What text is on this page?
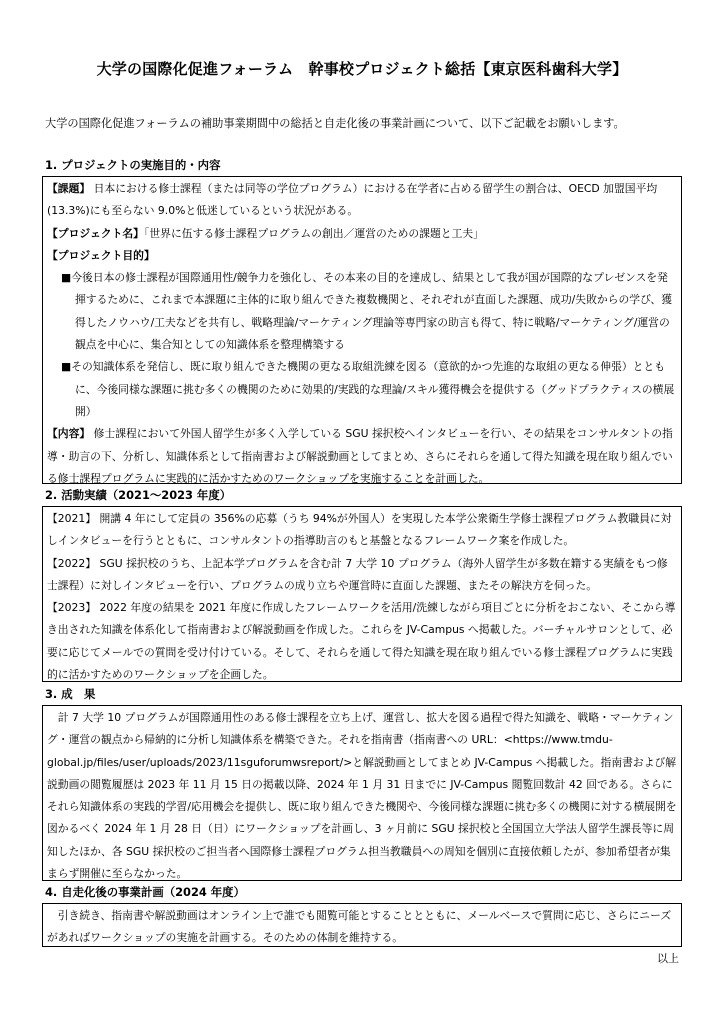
大学の国際化促進フォーラム　幹事校プロジェクト総括【東京医科歯科大学】
大学の国際化促進フォーラムの補助事業期間中の総括と自走化後の事業計画について、以下ご記載をお願いします。
1. プロジェクトの実施目的・内容

【課題】 日本における修士課程（または同等の学位プログラム）における在学者に占める留学生の割合は、OECD 加盟国平均(13.3%)にも至らない 9.0%と低迷しているという状況がある。

【プロジェクト名】「世界に伍する修士課程プログラムの創出／運営のための課題と工夫」

【プロジェクト目的】

■今後日本の修士課程が国際通用性/競争力を強化し、その本来の目的を達成し、結果として我が国が国際的なプレゼンスを発揮するために、これまで本課題に主体的に取り組んできた複数機関と、それぞれが直面した課題、成功/失敗からの学び、獲得したノウハウ/工夫などを共有し、戦略理論/マーケティング理論等専門家の助言も得て、特に戦略/マーケティング/運営の観点を中心に、集合知としての知識体系を整理構築する

■その知識体系を発信し、既に取り組んできた機関の更なる取組洗練を図る（意欲的かつ先進的な取組の更なる伸張）とともに、今後同様な課題に挑む多くの機関のために効果的/実践的な理論/スキル獲得機会を提供する（グッドプラクティスの横展開）

【内容】 修士課程において外国人留学生が多く入学している SGU 採択校へインタビューを行い、その結果をコンサルタントの指導・助言の下、分析し、知識体系として指南書および解説動画としてまとめ、さらにそれらを通して得た知識を現在取り組んでいる修士課程プログラムに実践的に活かすためのワークショップを実施することを計画した。

2. 活動実績（2021～2023 年度）

【2021】 開講 4 年にして定員の 356%の応募（うち 94%が外国人）を実現した本学公衆衛生学修士課程プログラム教職員に対しインタビューを行うとともに、コンサルタントの指導助言のもと基盤となるフレームワーク案を作成した。

【2022】 SGU 採択校のうち、上記本学プログラムを含む計 7 大学 10 プログラム（海外人留学生が多数在籍する実績をもつ修士課程）に対しインタビューを行い、プログラムの成り立ちや運営時に直面した課題、またその解決方を伺った。

【2023】 2022 年度の結果を 2021 年度に作成したフレームワークを活用/洗練しながら項目ごとに分析をおこない、そこから導き出された知識を体系化して指南書および解説動画を作成した。これらを JV-Campus へ掲載した。バーチャルサロンとして、必要に応じてメールでの質問を受け付けている。そして、それらを通して得た知識を現在取り組んでいる修士課程プログラムに実践的に活かすためのワークショップを企画した。

3. 成　果

計 7 大学 10 プログラムが国際通用性のある修士課程を立ち上げ、運営し、拡大を図る過程で得た知識を、戦略・マーケティング・運営の観点から帰納的に分析し知識体系を構築できた。それを指南書（指南書への URL：<https://www.tmdu-global.jp/files/user/uploads/2023/11sguforumwsreport/>と解説動画としてまとめ JV-Campus へ掲載した。指南書および解説動画の閲覧履歴は 2023 年 11 月 15 日の掲載以降、2024 年 1 月 31 日までに JV-Campus 閲覧回数計 42 回である。さらにそれら知識体系の実践的学習/応用機会を提供し、既に取り組んできた機関や、今後同様な課題に挑む多くの機関に対する横展開を図かるべく 2024 年 1 月 28 日（日）にワークショップを計画し、3 ヶ月前に SGU 採択校と全国国立大学法人留学生課長等に周知したほか、各 SGU 採択校のご担当者へ国際修士課程プログラム担当教職員への周知を個別に直接依頼したが、参加希望者が集まらず開催に至らなかった。

4. 自走化後の事業計画（2024 年度）

引き続き、指南書や解説動画はオンライン上で誰でも閲覧可能とすることとともに、メールベースで質問に応じ、さらにニーズがあればワークショップの実施を計画する。そのための体制を維持する。

以上
